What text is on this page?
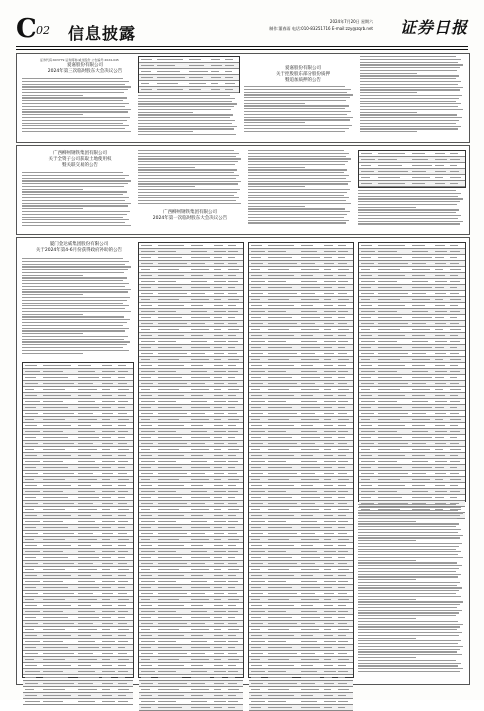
C 02 信息披露
2024年7月20日 星期六
制作:董春雨 电话:010-83251716 E-mail:zzy@zqrb.net 证券日报
证券代码:603779 证券简称:威龙股份 公告编号:2024-045
爱嘉股份有限公司
2024年第三次临时股东大会决议公告
爱嘉股份有限公司
关于控股股东部分股份质押
暨追加质押的公告
广西柳州钢铁集团有限公司
关于全资子公司获取土地使用权
暨关联交易的公告
广西柳州钢铁集团有限公司
2024年第一次临时股东大会决议公告
厦门金达威集团股份有限公司
关于2024年第4-6月份获得政府补助的公告
